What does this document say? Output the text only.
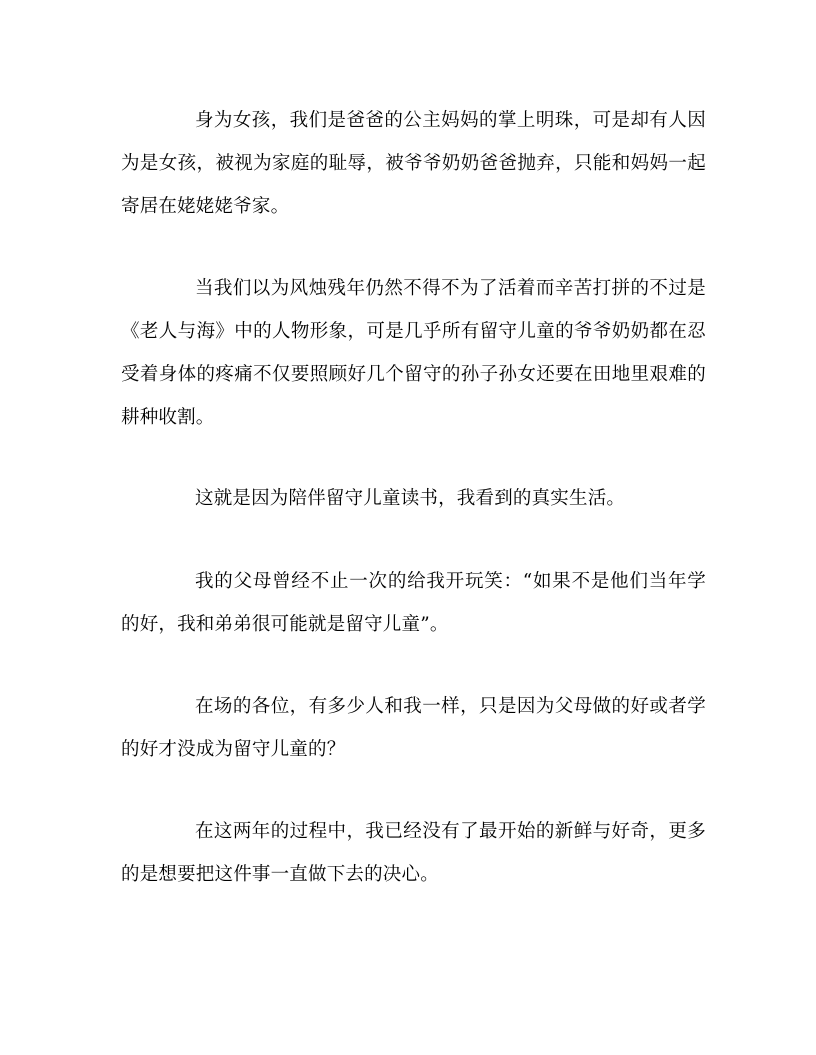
身为女孩，我们是爸爸的公主妈妈的掌上明珠，可是却有人因为是女孩，被视为家庭的耻辱，被爷爷奶奶爸爸抛弃，只能和妈妈一起寄居在姥姥姥爷家。

当我们以为风烛残年仍然不得不为了活着而辛苦打拼的不过是《老人与海》中的人物形象，可是几乎所有留守儿童的爷爷奶奶都在忍受着身体的疼痛不仅要照顾好几个留守的孙子孙女还要在田地里艰难的耕种收割。

这就是因为陪伴留守儿童读书，我看到的真实生活。

我的父母曾经不止一次的给我开玩笑：“如果不是他们当年学的好，我和弟弟很可能就是留守儿童”。

在场的各位，有多少人和我一样，只是因为父母做的好或者学的好才没成为留守儿童的？

在这两年的过程中，我已经没有了最开始的新鲜与好奇，更多的是想要把这件事一直做下去的决心。
